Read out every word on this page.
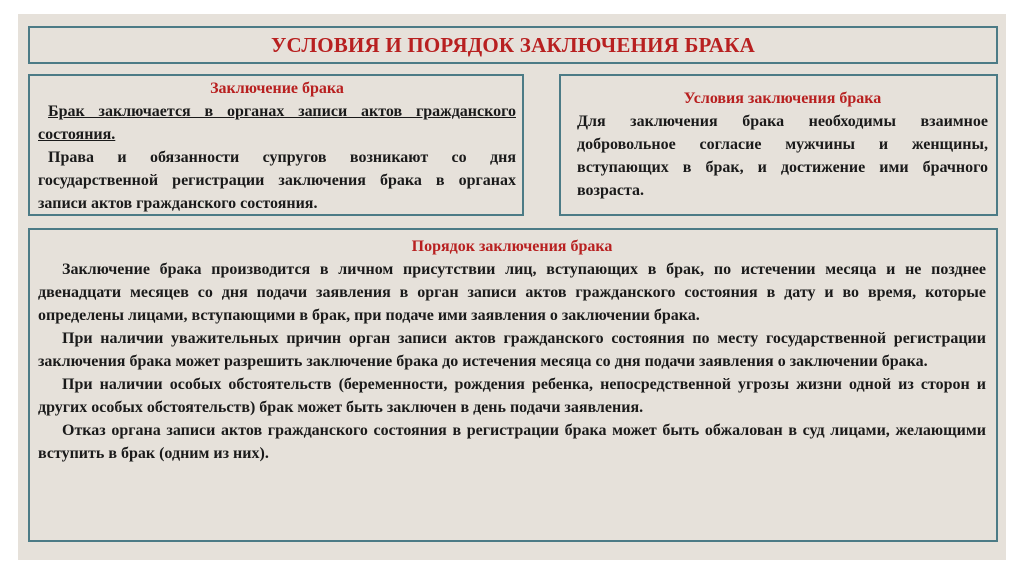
УСЛОВИЯ И ПОРЯДОК ЗАКЛЮЧЕНИЯ БРАКА

Заключение брака

Брак заключается в органах записи актов гражданского состояния.

Права и обязанности супругов возникают со дня государственной регистрации заключения брака в органах записи актов гражданского состояния.

Условия заключения брака

Для заключения брака необходимы взаимное добровольное согласие мужчины и женщины, вступающих в брак, и достижение ими брачного возраста.

Порядок заключения брака

Заключение брака производится в личном присутствии лиц, вступающих в брак, по истечении месяца и не позднее двенадцати месяцев со дня подачи заявления в орган записи актов гражданского состояния в дату и во время, которые определены лицами, вступающими в брак, при подаче ими заявления о заключении брака.

При наличии уважительных причин орган записи актов гражданского состояния по месту государственной регистрации заключения брака может разрешить заключение брака до истечения месяца со дня подачи заявления о заключении брака.

При наличии особых обстоятельств (беременности, рождения ребенка, непосредственной угрозы жизни одной из сторон и других особых обстоятельств) брак может быть заключен в день подачи заявления.

Отказ органа записи актов гражданского состояния в регистрации брака может быть обжалован в суд лицами, желающими вступить в брак (одним из них).
